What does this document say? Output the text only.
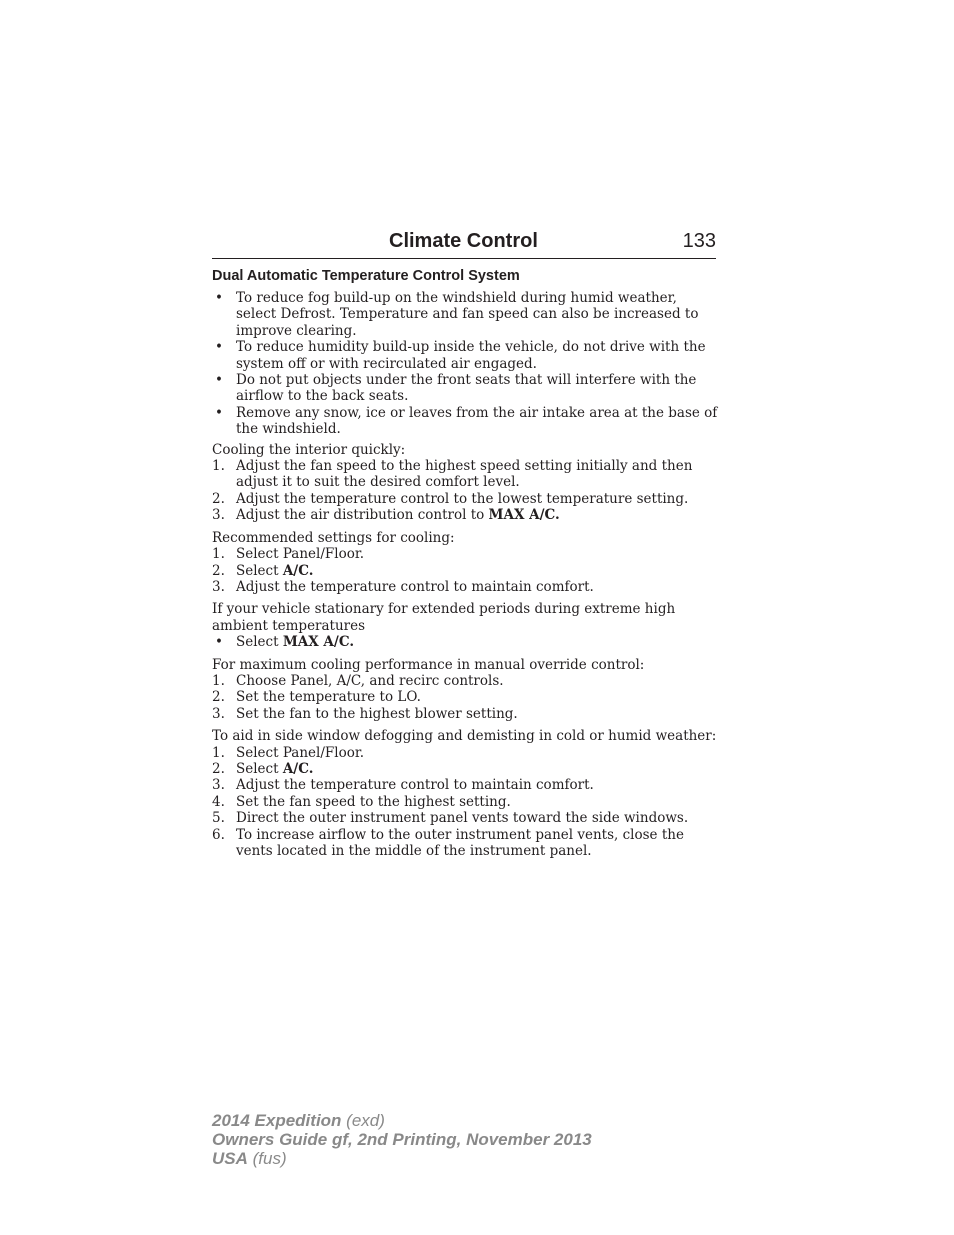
Climate Control	133
Dual Automatic Temperature Control System
• To reduce fog build-up on the windshield during humid weather, select Defrost. Temperature and fan speed can also be increased to improve clearing.
• To reduce humidity build-up inside the vehicle, do not drive with the system off or with recirculated air engaged.
• Do not put objects under the front seats that will interfere with the airflow to the back seats.
• Remove any snow, ice or leaves from the air intake area at the base of the windshield.
Cooling the interior quickly:
1. Adjust the fan speed to the highest speed setting initially and then adjust it to suit the desired comfort level.
2. Adjust the temperature control to the lowest temperature setting.
3. Adjust the air distribution control to MAX A/C.
Recommended settings for cooling:
1. Select Panel/Floor.
2. Select A/C.
3. Adjust the temperature control to maintain comfort.
If your vehicle stationary for extended periods during extreme high ambient temperatures
• Select MAX A/C.
For maximum cooling performance in manual override control:
1. Choose Panel, A/C, and recirc controls.
2. Set the temperature to LO.
3. Set the fan to the highest blower setting.
To aid in side window defogging and demisting in cold or humid weather:
1. Select Panel/Floor.
2. Select A/C.
3. Adjust the temperature control to maintain comfort.
4. Set the fan speed to the highest setting.
5. Direct the outer instrument panel vents toward the side windows.
6. To increase airflow to the outer instrument panel vents, close the vents located in the middle of the instrument panel.
2014 Expedition (exd)
Owners Guide gf, 2nd Printing, November 2013
USA (fus)
